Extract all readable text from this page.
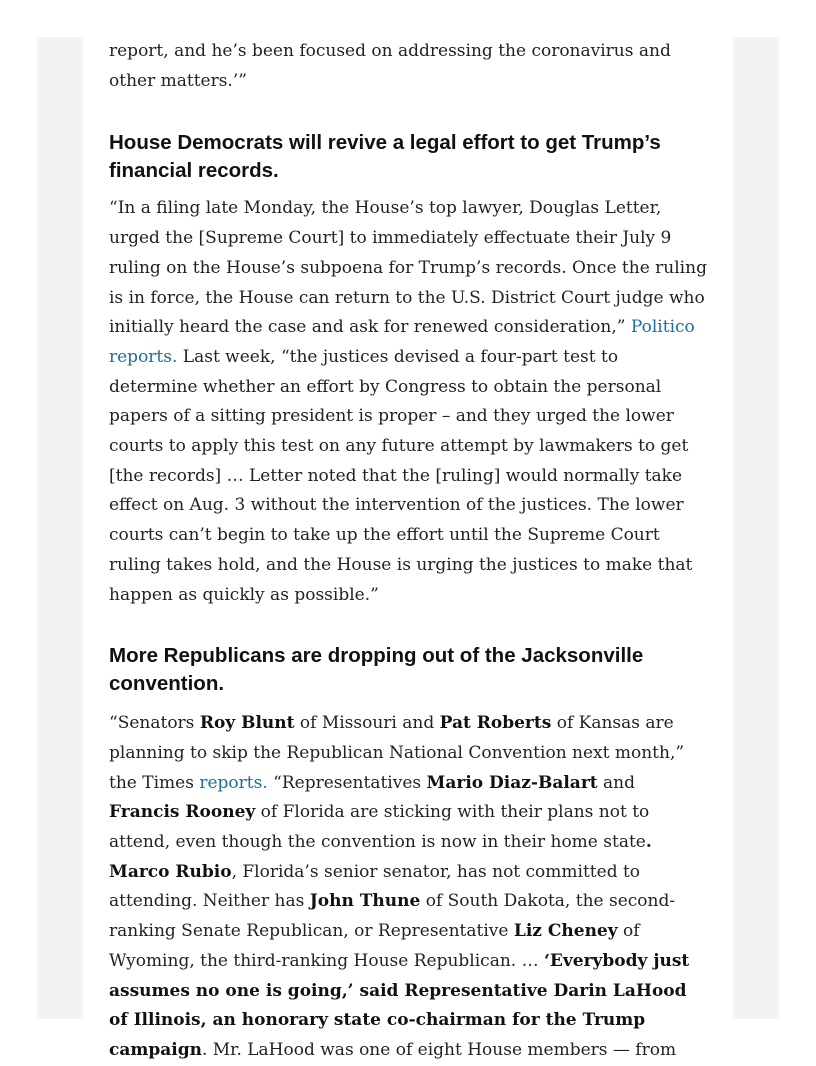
report, and he’s been focused on addressing the coronavirus and other matters.’”

House Democrats will revive a legal effort to get Trump’s financial records.

“In a filing late Monday, the House’s top lawyer, Douglas Letter, urged the [Supreme Court] to immediately effectuate their July 9 ruling on the House’s subpoena for Trump’s records. Once the ruling is in force, the House can return to the U.S. District Court judge who initially heard the case and ask for renewed consideration,” Politico reports. Last week, “the justices devised a four-part test to determine whether an effort by Congress to obtain the personal papers of a sitting president is proper – and they urged the lower courts to apply this test on any future attempt by lawmakers to get [the records] … Letter noted that the [ruling] would normally take effect on Aug. 3 without the intervention of the justices. The lower courts can’t begin to take up the effort until the Supreme Court ruling takes hold, and the House is urging the justices to make that happen as quickly as possible.”

More Republicans are dropping out of the Jacksonville convention.

“Senators Roy Blunt of Missouri and Pat Roberts of Kansas are planning to skip the Republican National Convention next month,” the Times reports. “Representatives Mario Diaz-Balart and Francis Rooney of Florida are sticking with their plans not to attend, even though the convention is now in their home state. Marco Rubio, Florida’s senior senator, has not committed to attending. Neither has John Thune of South Dakota, the second-ranking Senate Republican, or Representative Liz Cheney of Wyoming, the third-ranking House Republican. … ‘Everybody just assumes no one is going,’ said Representative Darin LaHood of Illinois, an honorary state co-chairman for the Trump campaign. Mr. LaHood was one of eight House members — from
